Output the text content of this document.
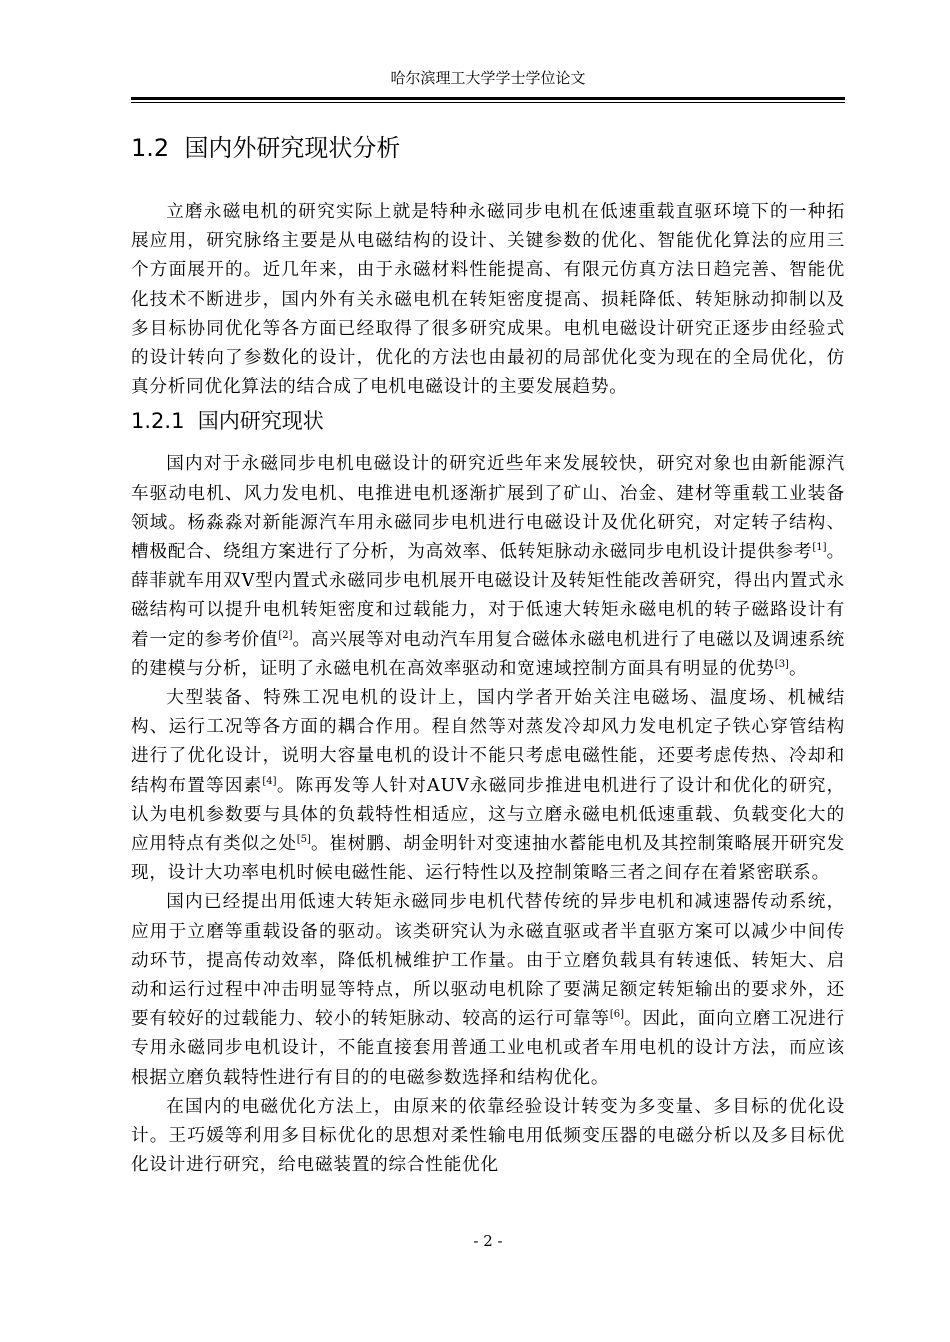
哈尔滨理工大学学士学位论文
1.2 国内外研究现状分析

立磨永磁电机的研究实际上就是特种永磁同步电机在低速重载直驱环境下的一种拓展应用，研究脉络主要是从电磁结构的设计、关键参数的优化、智能优化算法的应用三个方面展开的。近几年来，由于永磁材料性能提高、有限元仿真方法日趋完善、智能优化技术不断进步，国内外有关永磁电机在转矩密度提高、损耗降低、转矩脉动抑制以及多目标协同优化等各方面已经取得了很多研究成果。电机电磁设计研究正逐步由经验式的设计转向了参数化的设计，优化的方法也由最初的局部优化变为现在的全局优化，仿真分析同优化算法的结合成了电机电磁设计的主要发展趋势。

1.2.1 国内研究现状

国内对于永磁同步电机电磁设计的研究近些年来发展较快，研究对象也由新能源汽车驱动电机、风力发电机、电推进电机逐渐扩展到了矿山、冶金、建材等重载工业装备领域。杨淼淼对新能源汽车用永磁同步电机进行电磁设计及优化研究，对定转子结构、槽极配合、绕组方案进行了分析，为高效率、低转矩脉动永磁同步电机设计提供参考[1]。薛菲就车用双V型内置式永磁同步电机展开电磁设计及转矩性能改善研究，得出内置式永磁结构可以提升电机转矩密度和过载能力，对于低速大转矩永磁电机的转子磁路设计有着一定的参考价值[2]。高兴展等对电动汽车用复合磁体永磁电机进行了电磁以及调速系统的建模与分析，证明了永磁电机在高效率驱动和宽速域控制方面具有明显的优势[3]。

大型装备、特殊工况电机的设计上，国内学者开始关注电磁场、温度场、机械结构、运行工况等各方面的耦合作用。程自然等对蒸发冷却风力发电机定子铁心穿管结构进行了优化设计，说明大容量电机的设计不能只考虑电磁性能，还要考虑传热、冷却和结构布置等因素[4]。陈再发等人针对AUV永磁同步推进电机进行了设计和优化的研究，认为电机参数要与具体的负载特性相适应，这与立磨永磁电机低速重载、负载变化大的应用特点有类似之处[5]。崔树鹏、胡金明针对变速抽水蓄能电机及其控制策略展开研究发现，设计大功率电机时候电磁性能、运行特性以及控制策略三者之间存在着紧密联系。

国内已经提出用低速大转矩永磁同步电机代替传统的异步电机和减速器传动系统，应用于立磨等重载设备的驱动。该类研究认为永磁直驱或者半直驱方案可以减少中间传动环节，提高传动效率，降低机械维护工作量。由于立磨负载具有转速低、转矩大、启动和运行过程中冲击明显等特点，所以驱动电机除了要满足额定转矩输出的要求外，还要有较好的过载能力、较小的转矩脉动、较高的运行可靠等[6]。因此，面向立磨工况进行专用永磁同步电机设计，不能直接套用普通工业电机或者车用电机的设计方法，而应该根据立磨负载特性进行有目的的电磁参数选择和结构优化。

在国内的电磁优化方法上，由原来的依靠经验设计转变为多变量、多目标的优化设计。王巧媛等利用多目标优化的思想对柔性输电用低频变压器的电磁分析以及多目标优化设计进行研究，给电磁装置的综合性能优化

- 2 -
